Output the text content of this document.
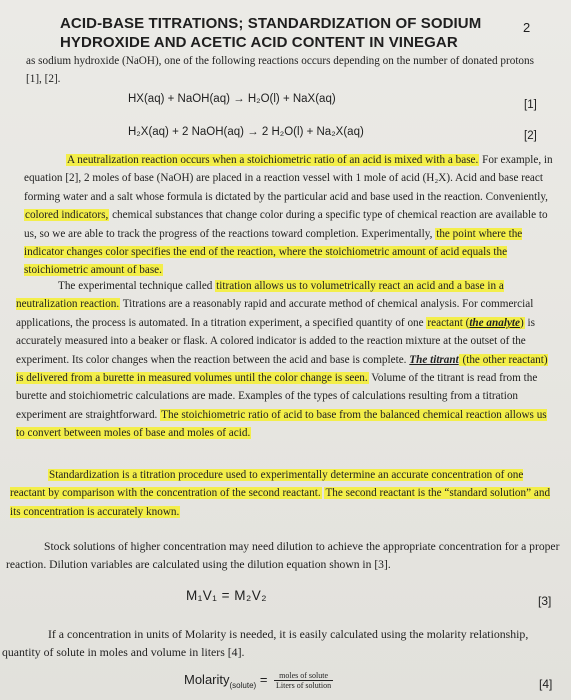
ACID-BASE TITRATIONS; STANDARDIZATION OF SODIUM
HYDROXIDE AND ACETIC ACID CONTENT IN VINEGAR
2
as sodium hydroxide (NaOH), one of the following reactions occurs depending on the number of donated protons [1], [2].
HX(aq) + NaOH(aq) → H₂O(l) + NaX(aq)	[1]
H₂X(aq) + 2 NaOH(aq) → 2 H₂O(l) + Na₂X(aq)	[2]
A neutralization reaction occurs when a stoichiometric ratio of an acid is mixed with a base. For example, in equation [2], 2 moles of base (NaOH) are placed in a reaction vessel with 1 mole of acid (H₂X). Acid and base react forming water and a salt whose formula is dictated by the particular acid and base used in the reaction. Conveniently, colored indicators, chemical substances that change color during a specific type of chemical reaction are available to us, so we are able to track the progress of the reactions toward completion. Experimentally, the point where the indicator changes color specifies the end of the reaction, where the stoichiometric amount of acid equals the stoichiometric amount of base.
The experimental technique called titration allows us to volumetrically react an acid and a base in a neutralization reaction. Titrations are a reasonably rapid and accurate method of chemical analysis. For commercial applications, the process is automated. In a titration experiment, a specified quantity of one reactant (the analyte) is accurately measured into a beaker or flask. A colored indicator is added to the reaction mixture at the outset of the experiment. Its color changes when the reaction between the acid and base is complete. The titrant (the other reactant) is delivered from a burette in measured volumes until the color change is seen. Volume of the titrant is read from the burette and stoichiometric calculations are made. Examples of the types of calculations resulting from a titration experiment are straightforward. The stoichiometric ratio of acid to base from the balanced chemical reaction allows us to convert between moles of base and moles of acid.
Standardization is a titration procedure used to experimentally determine an accurate concentration of one reactant by comparison with the concentration of the second reactant. The second reactant is the “standard solution” and its concentration is accurately known.
Stock solutions of higher concentration may need dilution to achieve the appropriate concentration for a proper reaction. Dilution variables are calculated using the dilution equation shown in [3].
M₁V₁ = M₂V₂	[3]
If a concentration in units of Molarity is needed, it is easily calculated using the molarity relationship, quantity of solute in moles and volume in liters [4].
Molarity$_{(solute)}$ = $\frac{\text{moles of solute}}{\text{Liters of solution}}$	[4]
